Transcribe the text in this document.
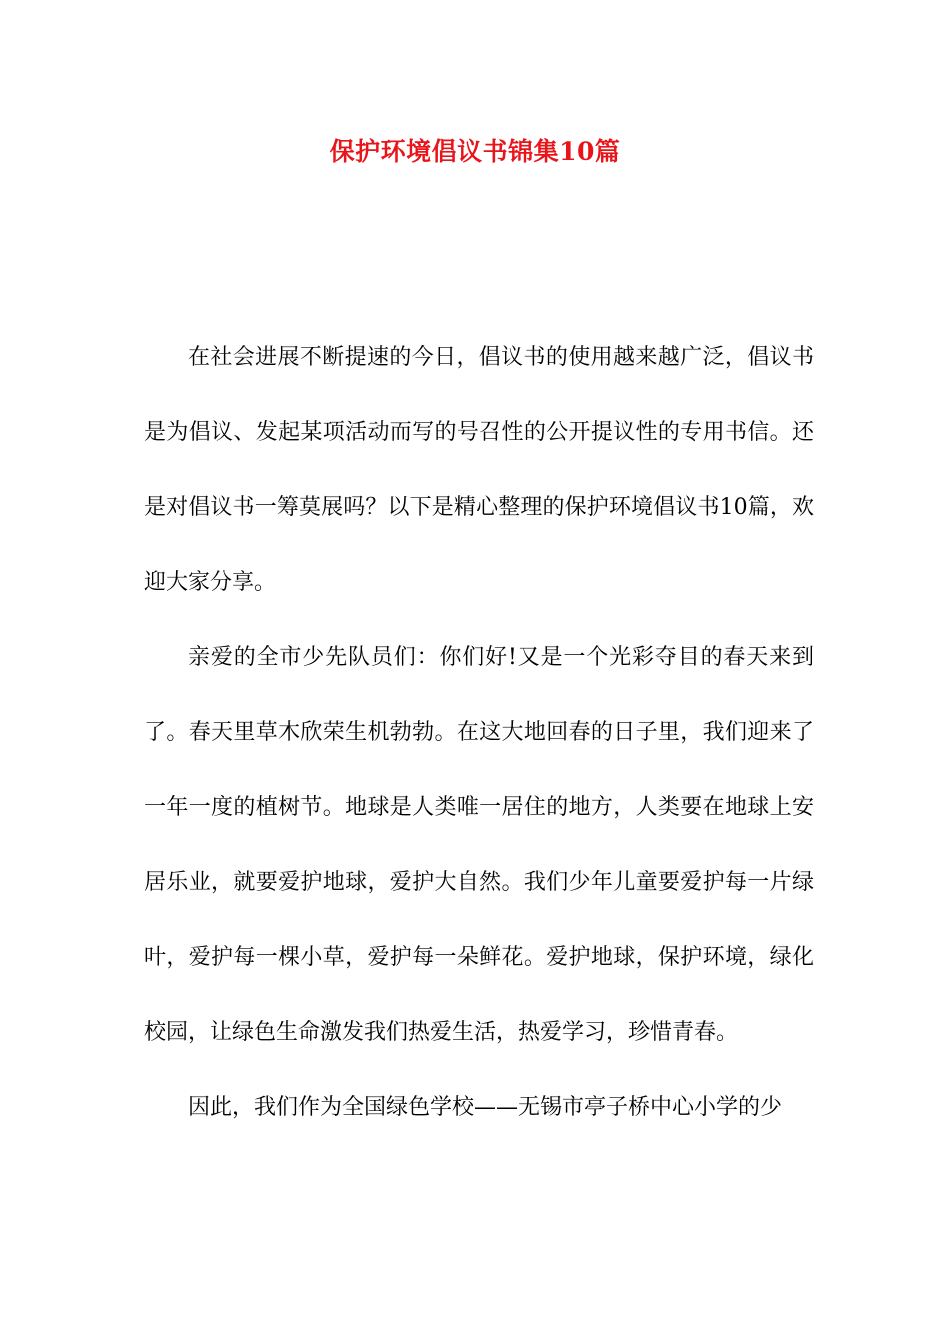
保护环境倡议书锦集10篇

在社会进展不断提速的今日，倡议书的使用越来越广泛，倡议书是为倡议、发起某项活动而写的号召性的公开提议性的专用书信。还是对倡议书一筹莫展吗？以下是精心整理的保护环境倡议书10篇，欢迎大家分享。

亲爱的全市少先队员们：你们好!又是一个光彩夺目的春天来到了。春天里草木欣荣生机勃勃。在这大地回春的日子里，我们迎来了一年一度的植树节。地球是人类唯一居住的地方，人类要在地球上安居乐业，就要爱护地球，爱护大自然。我们少年儿童要爱护每一片绿叶，爱护每一棵小草，爱护每一朵鲜花。爱护地球，保护环境，绿化校园，让绿色生命激发我们热爱生活，热爱学习，珍惜青春。

因此，我们作为全国绿色学校——无锡市亭子桥中心小学的少
